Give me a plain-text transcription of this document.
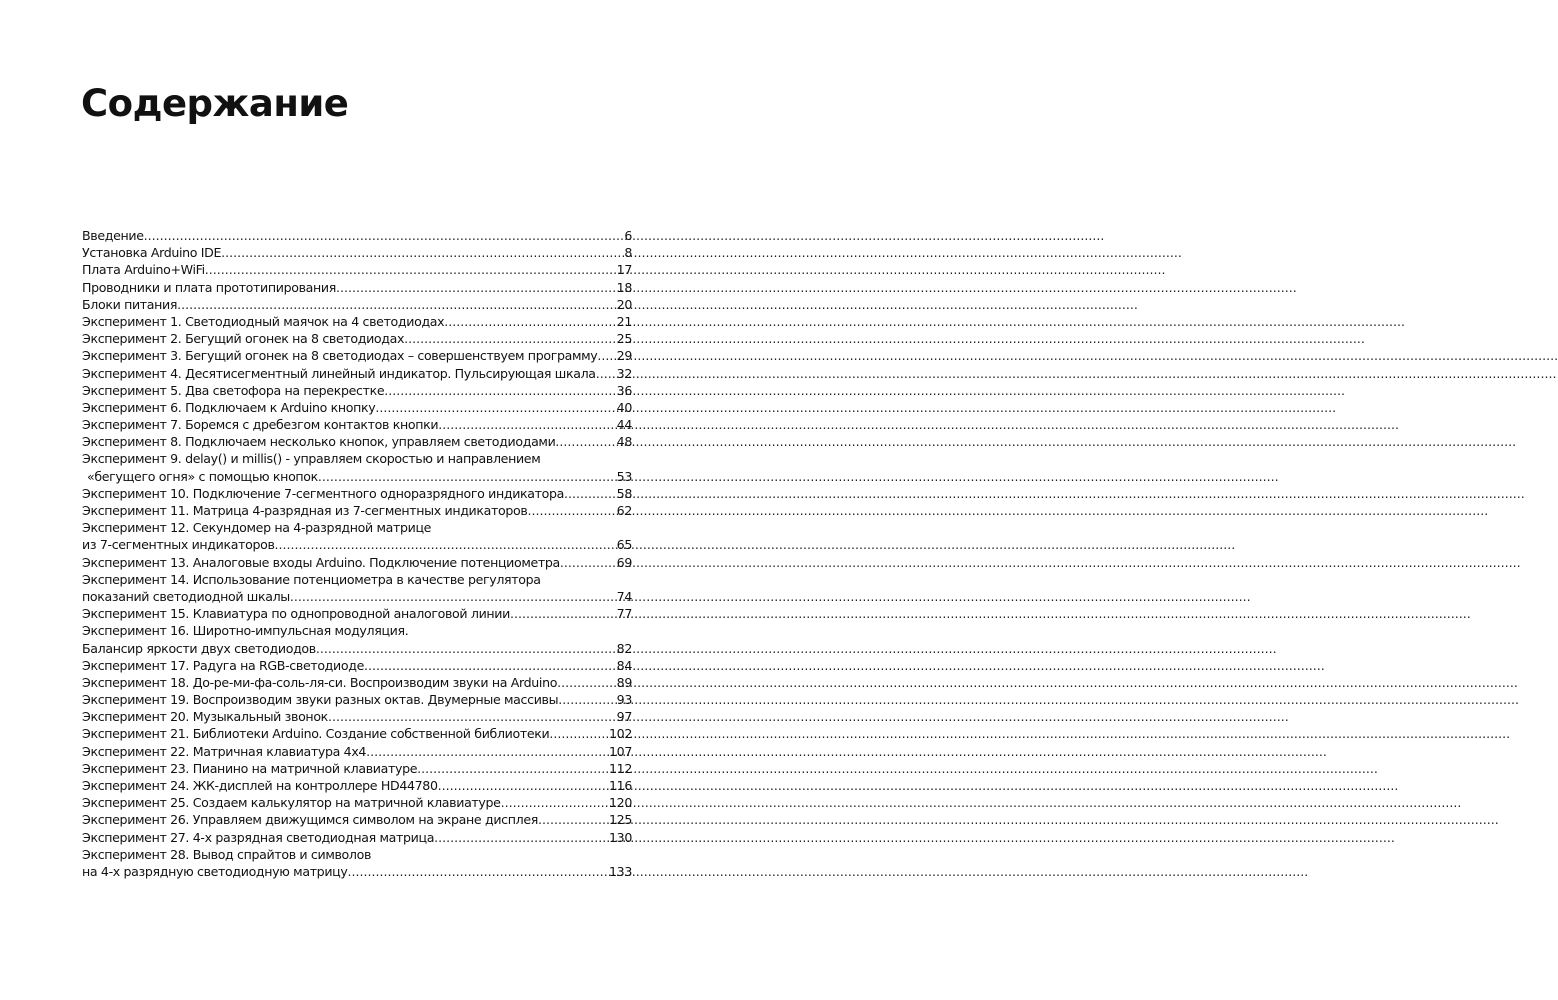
Содержание
Введение .....	6
Установка Arduino IDE .....	8
Плата Arduino+WiFi .....	17
Проводники и плата прототипирования .....	18
Блоки питания .....	20
Эксперимент 1. Светодиодный маячок на 4 светодиодах .....	21
Эксперимент 2. Бегущий огонек на 8 светодиодах .....	25
Эксперимент 3. Бегущий огонек на 8 светодиодах – совершенствуем программу .....	29
Эксперимент 4. Десятисегментный линейный индикатор. Пульсирующая шкала .....	32
Эксперимент 5. Два светофора на перекрестке .....	36
Эксперимент 6. Подключаем к Arduino кнопку .....	40
Эксперимент 7. Боремся с дребезгом контактов кнопки .....	44
Эксперимент 8. Подключаем несколько кнопок, управляем светодиодами .....	48
Эксперимент 9. delay() и millis() - управляем скоростью и направлением
«бегущего огня» с помощью кнопок .....	53
Эксперимент 10. Подключение 7-сегментного одноразрядного индикатора .....	58
Эксперимент 11. Матрица 4-разрядная из 7-сегментных индикаторов .....	62
Эксперимент 12. Секундомер на 4-разрядной матрице
из 7-сегментных индикаторов .....	65
Эксперимент 13. Аналоговые входы Arduino. Подключение потенциометра .....	69
Эксперимент 14. Использование потенциометра в качестве регулятора
показаний светодиодной шкалы .....	74
Эксперимент 15. Клавиатура по однопроводной аналоговой линии .....	77
Эксперимент 16. Широтно-импульсная модуляция.
Балансир яркости двух светодиодов .....	82
Эксперимент 17. Радуга на RGB-светодиоде .....	84
Эксперимент 18. До-ре-ми-фа-соль-ля-си. Воспроизводим звуки на Arduino .....	89
Эксперимент 19. Воспроизводим звуки разных октав. Двумерные массивы .....	93
Эксперимент 20. Музыкальный звонок .....	97
Эксперимент 21. Библиотеки Arduino. Создание собственной библиотеки .....	102
Эксперимент 22. Матричная клавиатура 4x4 .....	107
Эксперимент 23. Пианино на матричной клавиатуре .....	112
Эксперимент 24. ЖК-дисплей на контроллере HD44780 .....	116
Эксперимент 25. Создаем калькулятор на матричной клавиатуре .....	120
Эксперимент 26. Управляем движущимся символом на экране дисплея .....	125
Эксперимент 27. 4-х разрядная светодиодная матрица .....	130
Эксперимент 28. Вывод спрайтов и символов
на 4-х разрядную светодиодную матрицу .....	133
